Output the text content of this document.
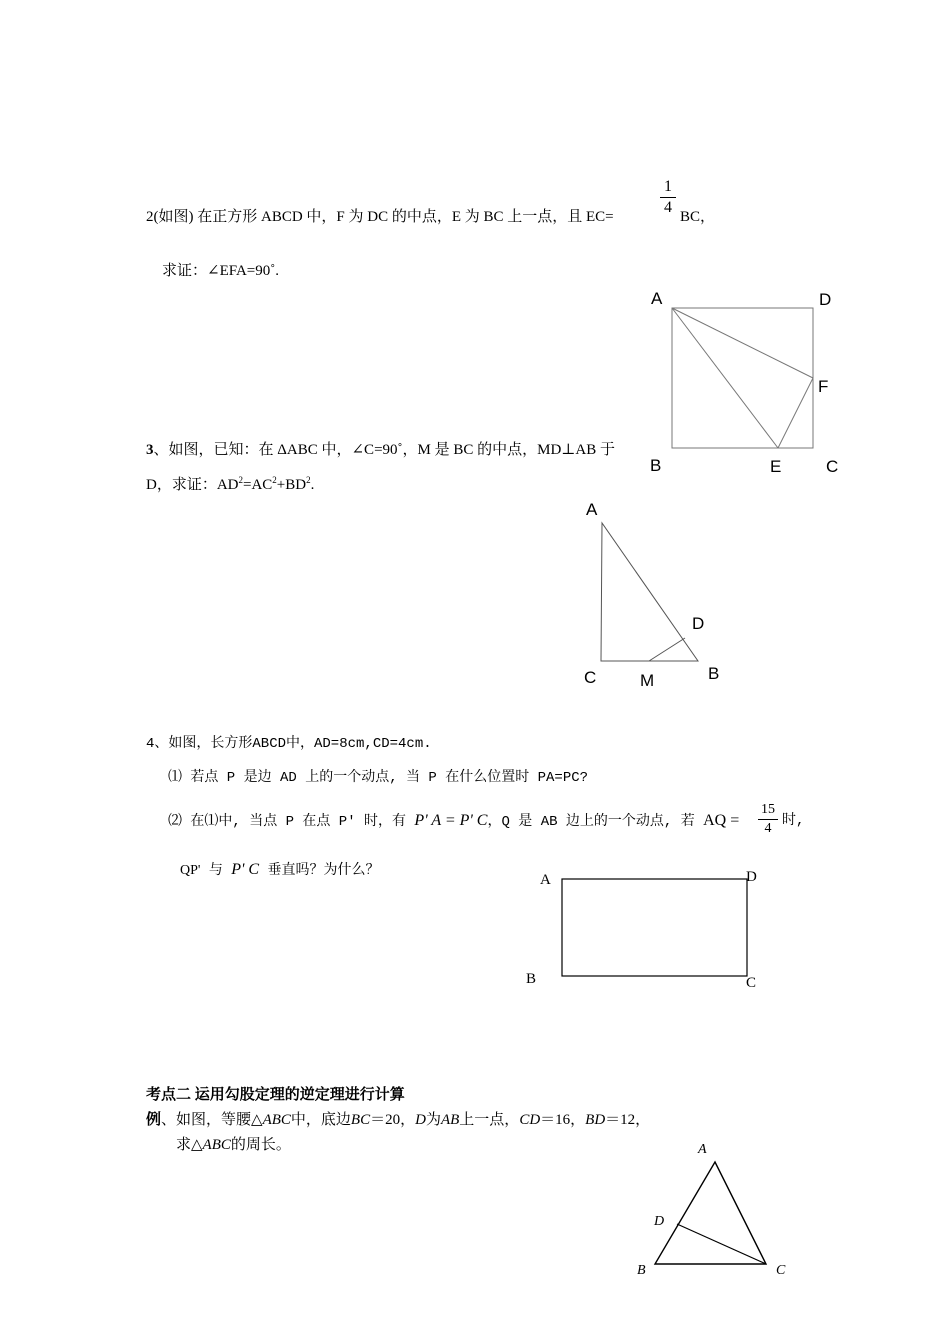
2(如图) 在正方形 ABCD 中，F 为 DC 的中点，E 为 BC 上一点，且 EC=
1
4
BC，
求证：∠EFA=90˚.
A	D
F
B	E	C
3、如图，已知：在 ΔABC 中，∠C=90˚，M 是 BC 的中点，MD⊥AB 于
D，求证：$AD^2=AC^2+BD^2$.
A
D
C	M	B
4、如图，长方形ABCD中，AD=8cm,CD=4cm.
⑴ 若点 P 是边 AD 上的一个动点, 当 P 在什么位置时 PA=PC?
⑵ 在⑴中, 当点 P 在点 P′ 时，有 P' A = P' C，Q 是 AB 边上的一个动点, 若 AQ =
15
4 时,
QP' 与 P' C 垂直吗？为什么？
A	D
B	C
考点二 运用勾股定理的逆定理进行计算
例、如图，等腰△ABC中，底边BC＝20，D为AB上一点，CD＝16，BD＝12，
求△ABC的周长。	A
D
B	C
